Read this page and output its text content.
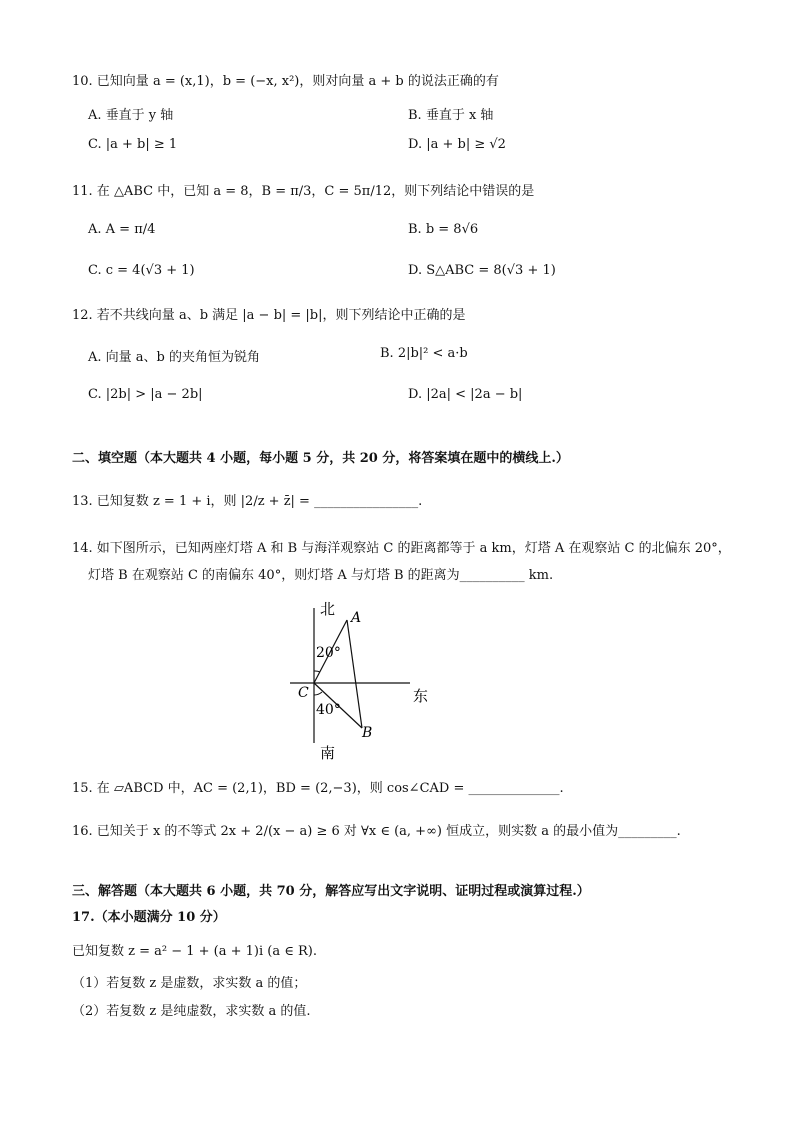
10. 已知向量 a = (x,1)，b = (−x, x²)，则对向量 a + b 的说法正确的有
A. 垂直于 y 轴	B. 垂直于 x 轴
C. |a + b| ≥ 1	D. |a + b| ≥ √2
11. 在 △ABC 中，已知 a = 8，B = π/3，C = 5π/12，则下列结论中错误的是
A. A = π/4	B. b = 8√6
C. c = 4(√3 + 1)	D. S△ABC = 8(√3 + 1)
12. 若不共线向量 a、b 满足 |a − b| = |b|，则下列结论中正确的是
A. 向量 a、b 的夹角恒为锐角	B. 2|b|² < a·b
C. |2b| > |a − 2b|	D. |2a| < |2a − b|
二、填空题（本大题共 4 小题，每小题 5 分，共 20 分，将答案填在题中的横线上.）
13. 已知复数 z = 1 + i，则 |2/z + z̄| = ________________.
14. 如下图所示，已知两座灯塔 A 和 B 与海洋观察站 C 的距离都等于 a km，灯塔 A 在观察站 C 的北偏东 20°，
灯塔 B 在观察站 C 的南偏东 40°，则灯塔 A 与灯塔 B 的距离为__________ km.
北 A
20°
C
40°
B
东
南
15. 在 ▱ABCD 中，AC = (2,1)，BD = (2,−3)，则 cos∠CAD = ______________.
16. 已知关于 x 的不等式 2x + 2/(x − a) ≥ 6 对 ∀x ∈ (a, +∞) 恒成立，则实数 a 的最小值为_________.
三、解答题（本大题共 6 小题，共 70 分，解答应写出文字说明、证明过程或演算过程.）
17.（本小题满分 10 分）
已知复数 z = a² − 1 + (a + 1)i (a ∈ R).
（1）若复数 z 是虚数，求实数 a 的值；
（2）若复数 z 是纯虚数，求实数 a 的值.
